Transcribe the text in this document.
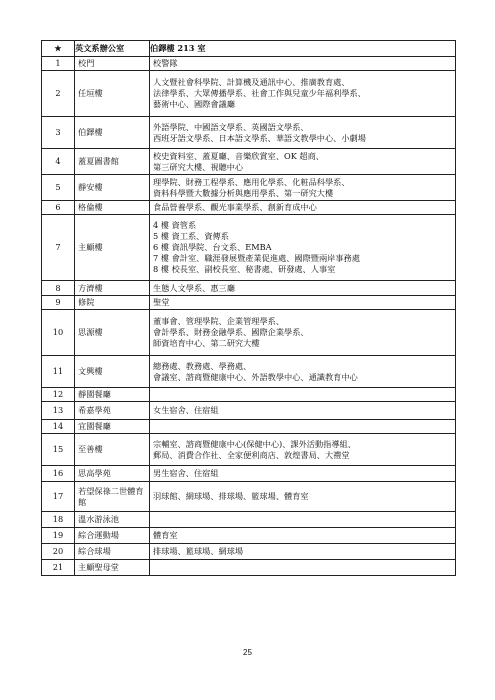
★	英文系辦公室	伯鐸樓 213 室
1	校門	校警隊

2	任垣樓	人文暨社會科學院、計算機及通訊中心、推廣教育處、
法律學系、大眾傳播學系、社會工作與兒童少年福利學系、
藝術中心、國際會議廳

3	伯鐸樓	外語學院、中國語文學系、英國語文學系、
西班牙語文學系、日本語文學系、華語文教學中心、小劇場

4	蓋夏圖書館	校史資料室、蓋夏廳、音樂欣賞室、OK 超商、
第三研究大樓、視聽中心

5	靜安樓	理學院、財務工程學系、應用化學系、化粧品科學系、
資料科學暨大數據分析與應用學系、第一研究大樓

6	格倫樓	食品營養學系、觀光事業學系、創新育成中心

7	主顧樓	4 樓 資管系
5 樓 資工系、資傳系
6 樓 資訊學院、台文系、EMBA
7 樓 會計室、職涯發展暨產業促進處、國際暨兩岸事務處
8 樓 校長室、副校長室、秘書處、研發處、人事室

8	方濟樓	生態人文學系、惠三廳

9	修院	聖堂

10	思源樓	董事會、管理學院、企業管理學系、
會計學系、財務金融學系、國際企業學系、
師資培育中心、第二研究大樓

11	文興樓	總務處、教務處、學務處、
會議室、諮商暨健康中心、外語教學中心、通識教育中心

12	靜園餐廳	

13	希嘉學苑	女生宿舍、住宿組

14	宜園餐廳	

15	至善樓	宗輔室、諮商暨健康中心(保健中心)、課外活動指導組、
郵局、消費合作社、全家便利商店、敦煌書局、大禮堂

16	思高學苑	男生宿舍、住宿組

17	若望保祿二世體育館	羽球館、網球場、排球場、籃球場、體育室

18	溫水游泳池	

19	綜合運動場	體育室

20	綜合球場	排球場、籃球場、網球場

21	主顧聖母堂	

25
